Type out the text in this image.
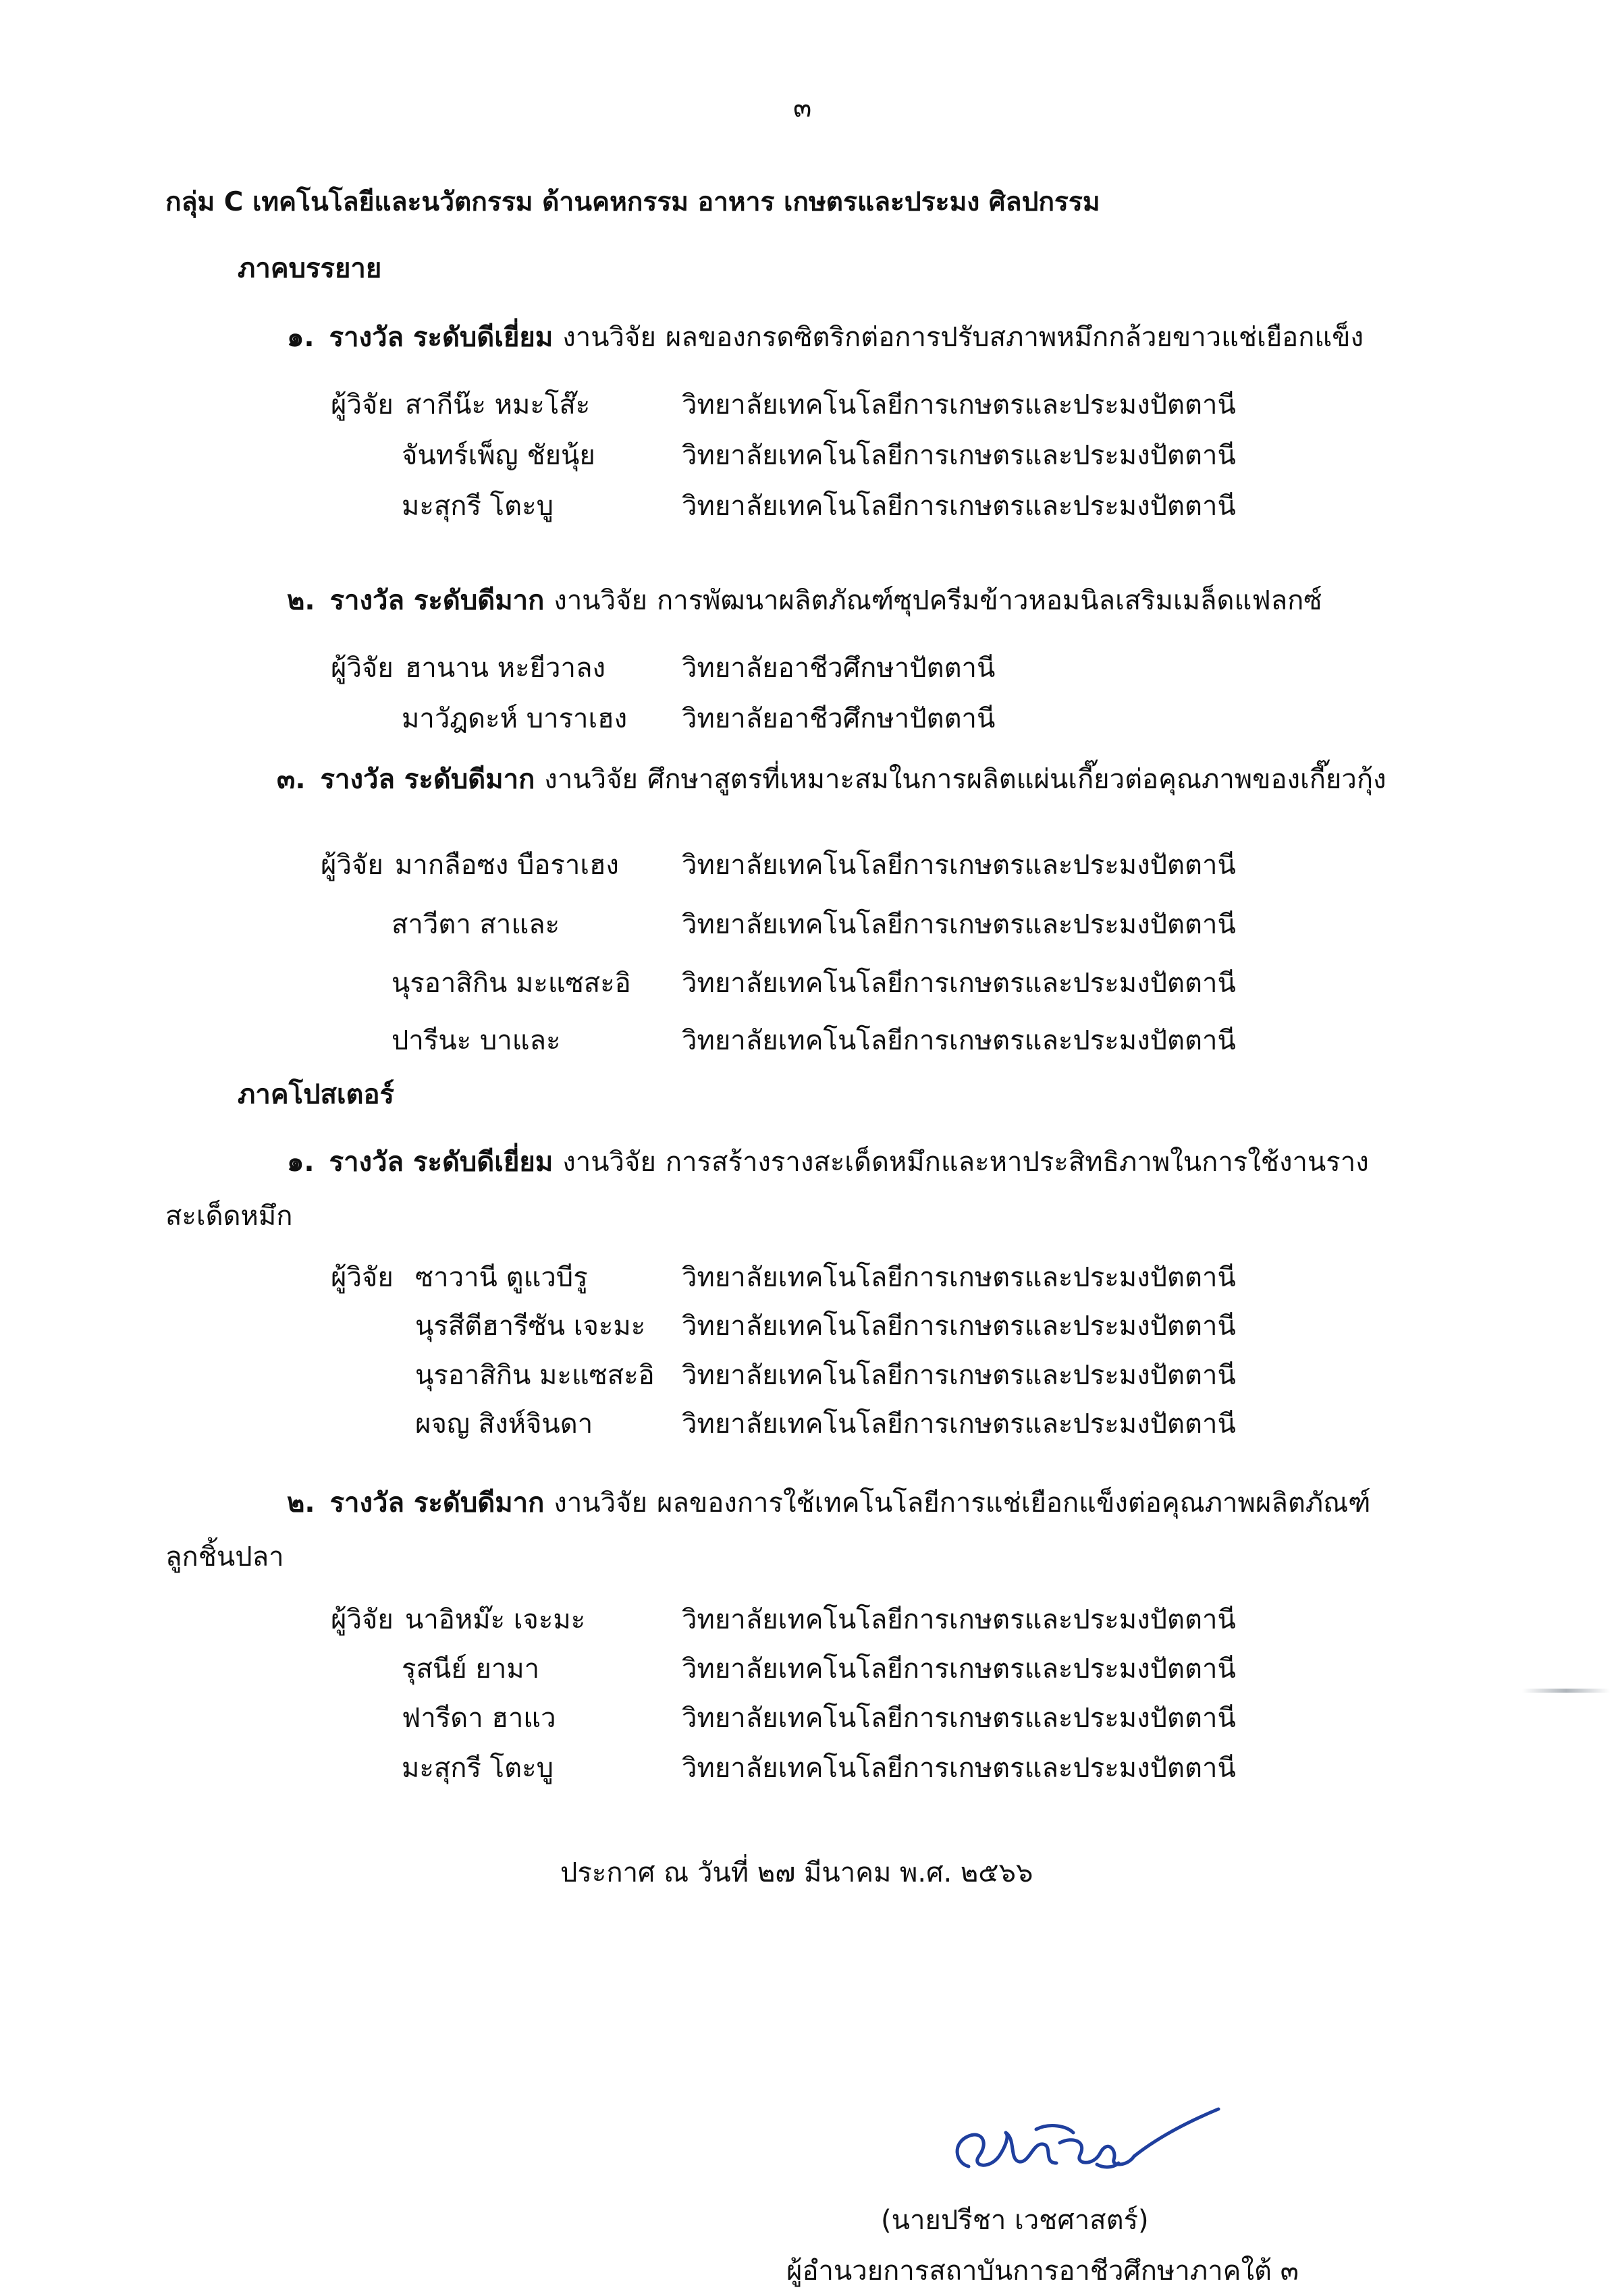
๓
กลุ่ม C เทคโนโลยีและนวัตกรรม ด้านคหกรรม อาหาร เกษตรและประมง ศิลปกรรม
ภาคบรรยาย
๑. รางวัล ระดับดีเยี่ยม งานวิจัย ผลของกรดซิตริกต่อการปรับสภาพหมึกกล้วยขาวแช่เยือกแข็ง
ผู้วิจัย สากีน๊ะ หมะโส๊ะ	วิทยาลัยเทคโนโลยีการเกษตรและประมงปัตตานี
จันทร์เพ็ญ ชัยนุ้ย	วิทยาลัยเทคโนโลยีการเกษตรและประมงปัตตานี
มะสุกรี โตะบู	วิทยาลัยเทคโนโลยีการเกษตรและประมงปัตตานี
๒. รางวัล ระดับดีมาก งานวิจัย การพัฒนาผลิตภัณฑ์ซุปครีมข้าวหอมนิลเสริมเมล็ดแฟลกซ์
ผู้วิจัย ฮานาน หะยีวาลง	วิทยาลัยอาชีวศึกษาปัตตานี
มาวัฎดะห์ บาราเฮง วิทยาลัยอาชีวศึกษาปัตตานี
๓. รางวัล ระดับดีมาก งานวิจัย ศึกษาสูตรที่เหมาะสมในการผลิตแผ่นเกี๊ยวต่อคุณภาพของเกี๊ยวกุ้ง
ผู้วิจัย มากลือซง บือราเฮง วิทยาลัยเทคโนโลยีการเกษตรและประมงปัตตานี
สาวีตา สาและ	วิทยาลัยเทคโนโลยีการเกษตรและประมงปัตตานี
นุรอาสิกิน มะแซสะอิ วิทยาลัยเทคโนโลยีการเกษตรและประมงปัตตานี
ปารีนะ บาและ	วิทยาลัยเทคโนโลยีการเกษตรและประมงปัตตานี
ภาคโปสเตอร์
๑. รางวัล ระดับดีเยี่ยม งานวิจัย การสร้างรางสะเด็ดหมึกและหาประสิทธิภาพในการใช้งานราง
สะเด็ดหมึก
ผู้วิจัย ซาวานี ตูแวบีรู	วิทยาลัยเทคโนโลยีการเกษตรและประมงปัตตานี
นุรสีตีฮารีซัน เจะมะ วิทยาลัยเทคโนโลยีการเกษตรและประมงปัตตานี
นุรอาสิกิน มะแซสะอิ วิทยาลัยเทคโนโลยีการเกษตรและประมงปัตตานี
ผจญ สิงห์จินดา	วิทยาลัยเทคโนโลยีการเกษตรและประมงปัตตานี
๒. รางวัล ระดับดีมาก งานวิจัย ผลของการใช้เทคโนโลยีการแช่เยือกแข็งต่อคุณภาพผลิตภัณฑ์
ลูกชิ้นปลา
ผู้วิจัย นาอิหม๊ะ เจะมะ	วิทยาลัยเทคโนโลยีการเกษตรและประมงปัตตานี
รุสนีย์ ยามา	วิทยาลัยเทคโนโลยีการเกษตรและประมงปัตตานี
ฟารีดา ฮาแว	วิทยาลัยเทคโนโลยีการเกษตรและประมงปัตตานี
มะสุกรี โตะบู	วิทยาลัยเทคโนโลยีการเกษตรและประมงปัตตานี
ประกาศ ณ วันที่ ๒๗ มีนาคม พ.ศ. ๒๕๖๖
(นายปรีชา เวชศาสตร์)
ผู้อำนวยการสถาบันการอาชีวศึกษาภาคใต้ ๓
